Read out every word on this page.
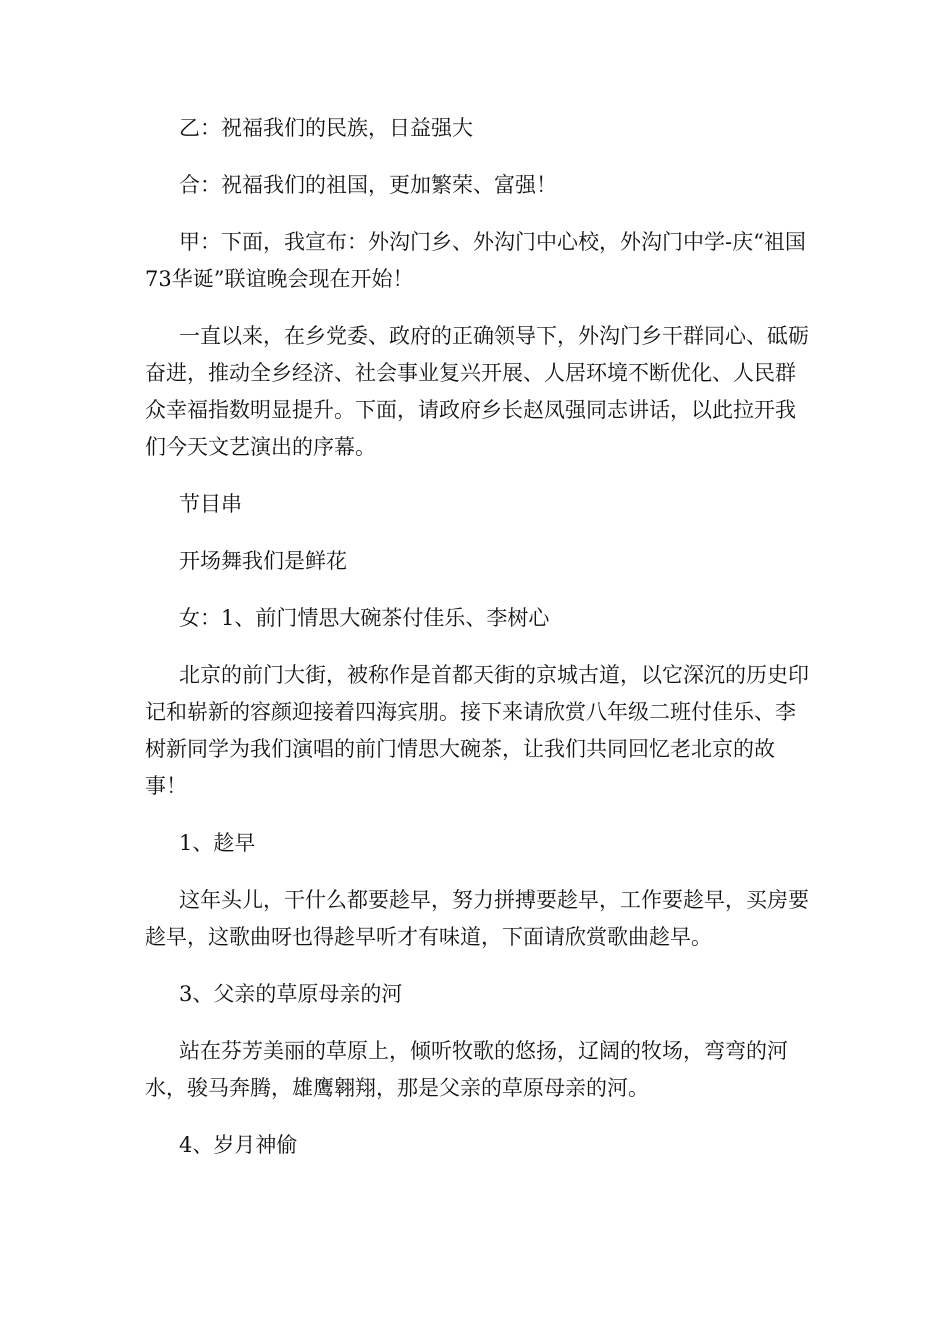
乙：祝福我们的民族，日益强大

合：祝福我们的祖国，更加繁荣、富强！

甲：下面，我宣布：外沟门乡、外沟门中心校，外沟门中学-庆“祖国73华诞”联谊晚会现在开始！

一直以来，在乡党委、政府的正确领导下，外沟门乡干群同心、砥砺奋进，推动全乡经济、社会事业复兴开展、人居环境不断优化、人民群众幸福指数明显提升。下面，请政府乡长赵凤强同志讲话，以此拉开我们今天文艺演出的序幕。

节目串

开场舞我们是鲜花

女：1、前门情思大碗茶付佳乐、李树心

北京的前门大街，被称作是首都天街的京城古道，以它深沉的历史印记和崭新的容颜迎接着四海宾朋。接下来请欣赏八年级二班付佳乐、李树新同学为我们演唱的前门情思大碗茶，让我们共同回忆老北京的故事！

1、趁早

这年头儿，干什么都要趁早，努力拼搏要趁早，工作要趁早，买房要趁早，这歌曲呀也得趁早听才有味道，下面请欣赏歌曲趁早。

3、父亲的草原母亲的河

站在芬芳美丽的草原上，倾听牧歌的悠扬，辽阔的牧场，弯弯的河水，骏马奔腾，雄鹰翱翔，那是父亲的草原母亲的河。

4、岁月神偷
